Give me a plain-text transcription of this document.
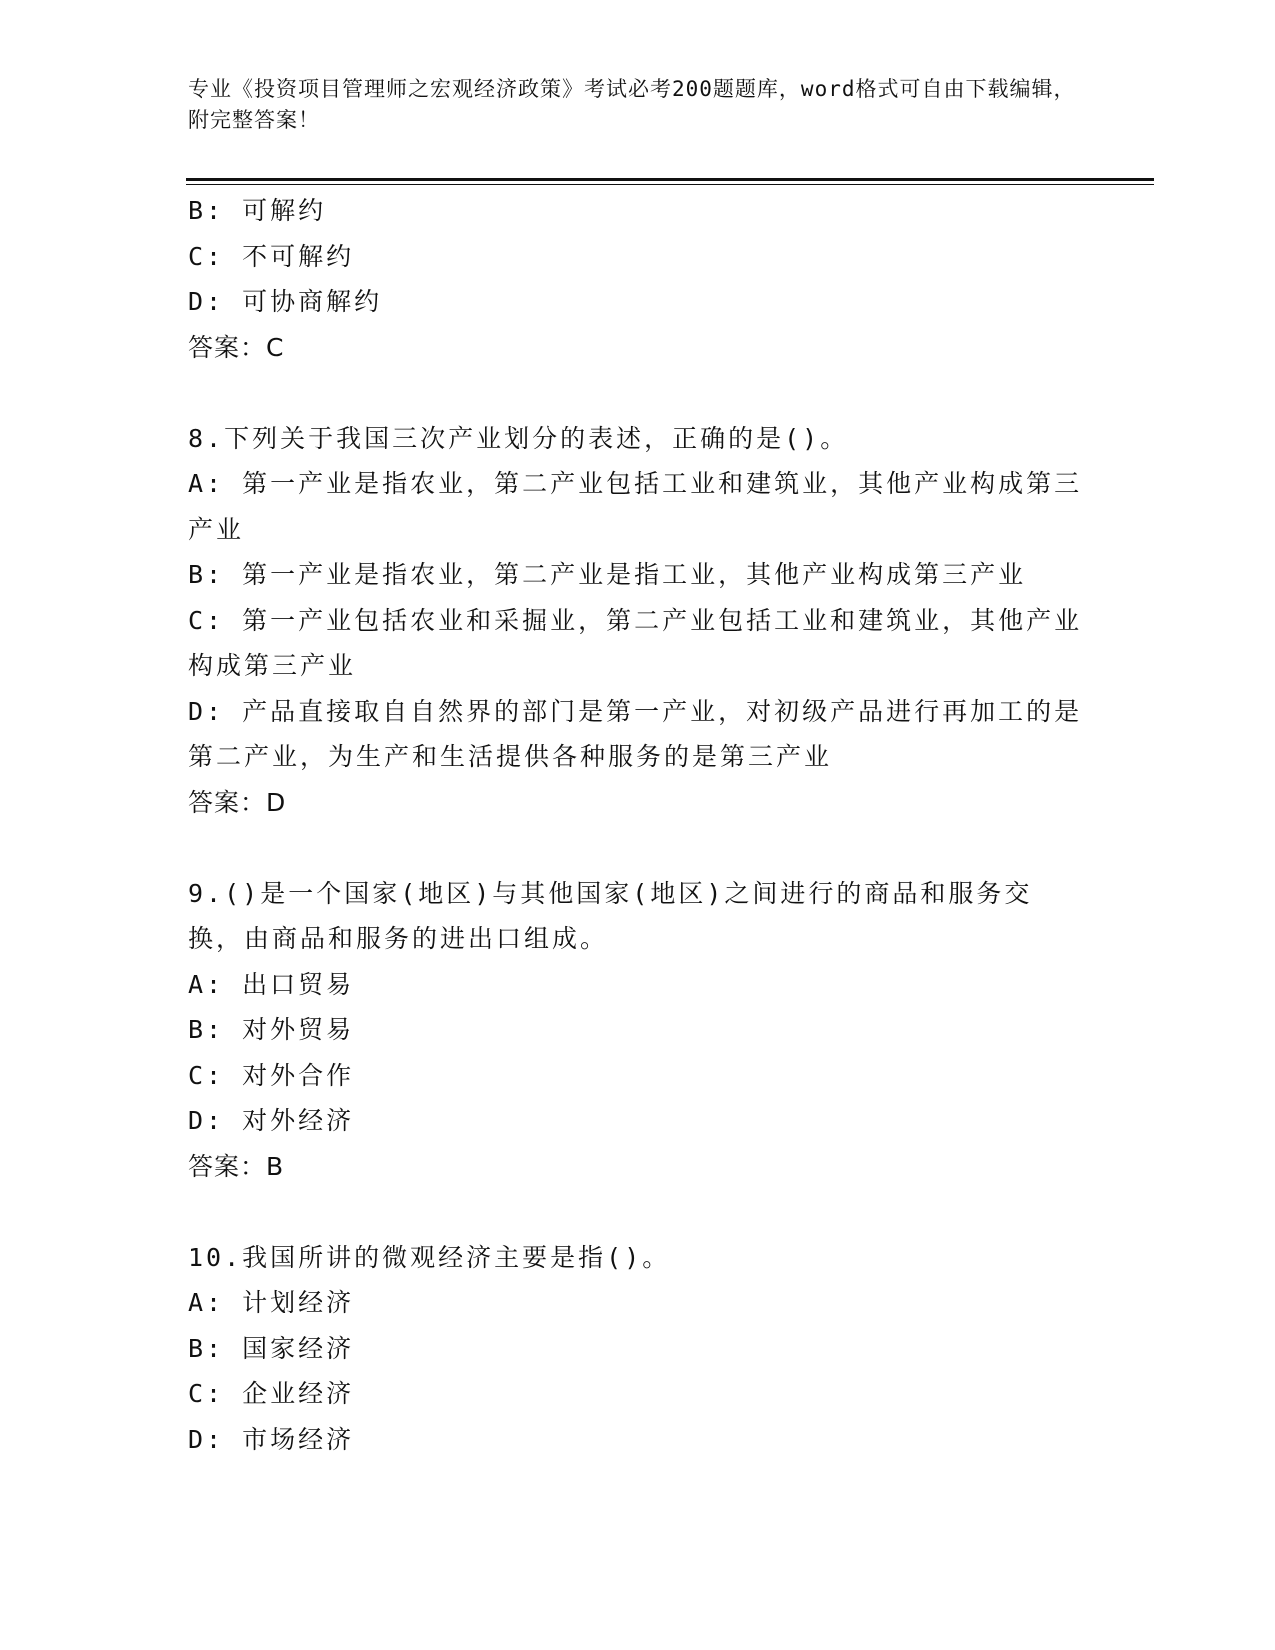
专业《投资项目管理师之宏观经济政策》考试必考200题题库，word格式可自由下载编辑，附完整答案！
B: 可解约
C: 不可解约
D: 可协商解约
答案：C
8.下列关于我国三次产业划分的表述，正确的是()。
A: 第一产业是指农业，第二产业包括工业和建筑业，其他产业构成第三产业
B: 第一产业是指农业，第二产业是指工业，其他产业构成第三产业
C: 第一产业包括农业和采掘业，第二产业包括工业和建筑业，其他产业构成第三产业
D: 产品直接取自自然界的部门是第一产业，对初级产品进行再加工的是第二产业，为生产和生活提供各种服务的是第三产业
答案：D
9.()是一个国家(地区)与其他国家(地区)之间进行的商品和服务交换，由商品和服务的进出口组成。
A: 出口贸易
B: 对外贸易
C: 对外合作
D: 对外经济
答案：B
10.我国所讲的微观经济主要是指()。
A: 计划经济
B: 国家经济
C: 企业经济
D: 市场经济
